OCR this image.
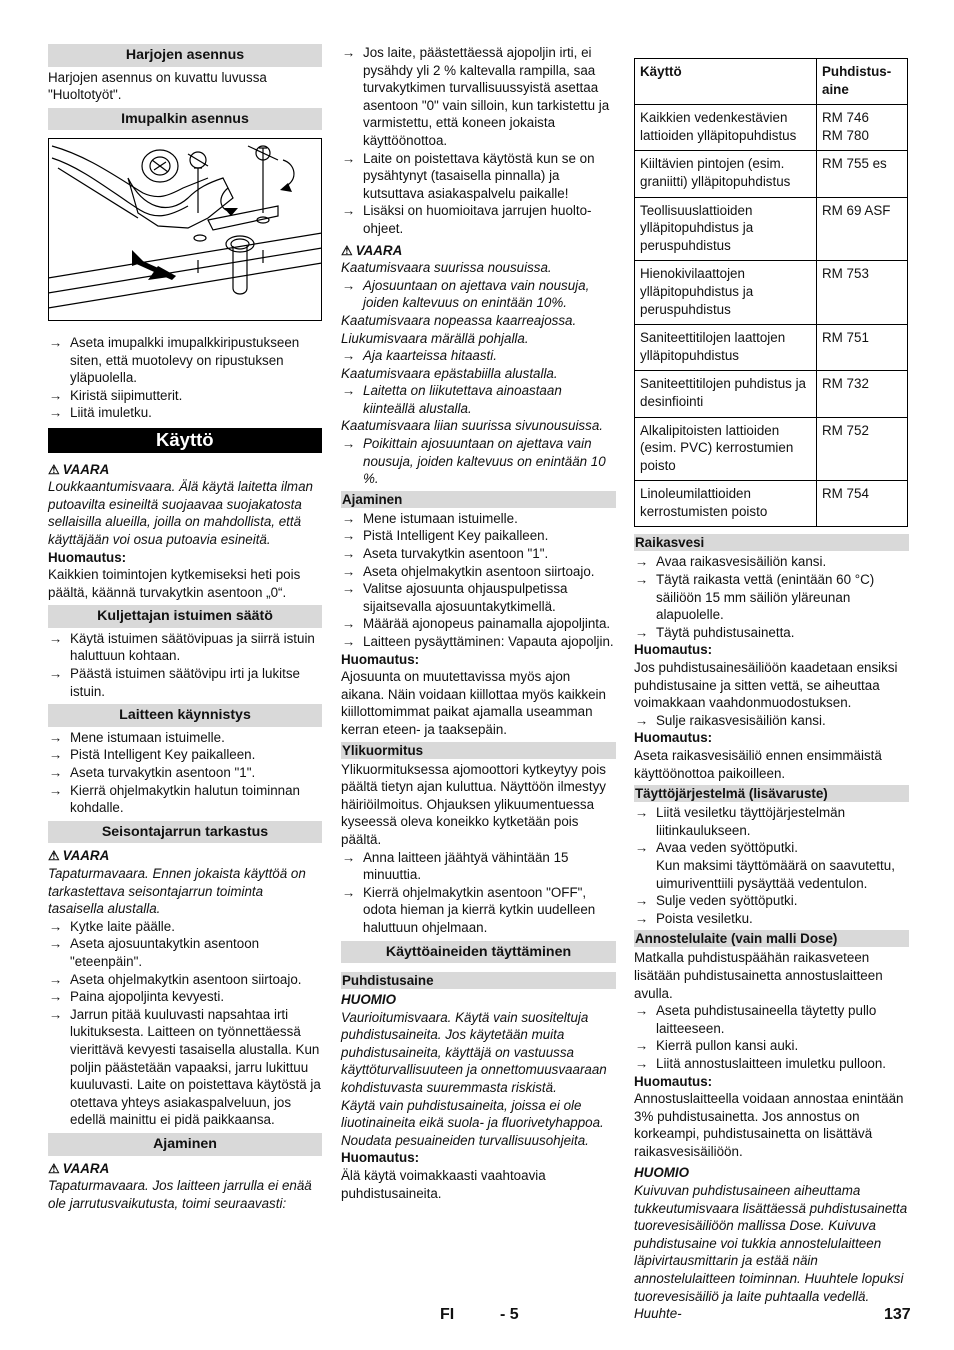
Harjojen asennus

Harjojen asennus on kuvattu luvussa "Huoltotyöt".

Imupalkin asennus
→ Aseta imupalkki imupalkkiripustukseen siten, että muotolevy on ripustuksen yläpuolella.
→ Kiristä siipimutterit.
→ Liitä imuletku.
Käyttö
⚠ VAARA

Loukkaantumisvaara. Älä käytä laitetta ilman putoavilta esineiltä suojaavaa suojakatosta sellaisilla alueilla, joilla on mahdollista, että käyttäjään voi osua putoavia esineitä.

Huomautus:

Kaikkien toimintojen kytkemiseksi heti pois päältä, käännä turvakytkin asentoon „0“.

Kuljettajan istuimen säätö
→ Käytä istuimen säätövipuas ja siirrä istuin haluttuun kohtaan.
→ Päästä istuimen säätövipu irti ja lukitse istuin.
Laitteen käynnistys
→ Mene istumaan istuimelle.
→ Pistä Intelligent Key paikalleen.
→ Aseta turvakytkin asentoon "1".
→ Kierrä ohjelmakytkin halutun toiminnan kohdalle.
Seisontajarrun tarkastus
⚠ VAARA

Tapaturmavaara. Ennen jokaista käyttöä on tarkastettava seisontajarrun toiminta tasaisella alustalla.

→ Kytke laite päälle.
→ Aseta ajosuuntakytkin asentoon "eteenpäin".
→ Aseta ohjelmakytkin asentoon siirtoajo.
→ Paina ajopoljinta kevyesti.
→ Jarrun pitää kuuluvasti napsahtaa irti lukituksesta. Laitteen on työnnettäessä vierittävä kevyesti tasaisella alustalla. Kun poljin päästetään vapaaksi, jarru lukittuu kuuluvasti. Laite on poistettava käytöstä ja otettava yhteys asiakaspalveluun, jos edellä mainittu ei pidä paikkaansa.
Ajaminen
⚠ VAARA

Tapaturmavaara. Jos laitteen jarrulla ei enää ole jarrutusvaikutusta, toimi seuraavasti:

→ Jos laite, päästettäessä ajopoljin irti, ei pysähdy yli 2 % kaltevalla rampilla, saa turvakytkimen turvallisuussyistä asettaa asentoon "0" vain silloin, kun tarkistettu ja varmistettu, että koneen jokaista käyttöönottoa.
→ Laite on poistettava käytöstä kun se on pysähtynyt (tasaisella pinnalla) ja kutsuttava asiakaspalvelu paikalle!
→ Lisäksi on huomioitava jarrujen huolto-ohjeet.
⚠ VAARA

Kaatumisvaara suurissa nousuissa.

→ Ajosuuntaan on ajettava vain nousuja, joiden kaltevuus on enintään 10%.

Kaatumisvaara nopeassa kaarreajossa.

Liukumisvaara märällä pohjalla.

→ Aja kaarteissa hitaasti.

Kaatumisvaara epästabiilla alustalla.

→ Laitetta on liikutettava ainoastaan kiinteällä alustalla.

Kaatumisvaara liian suurissa sivunousuissa.

→ Poikittain ajosuuntaan on ajettava vain nousuja, joiden kaltevuus on enintään 10 %.
Ajaminen
→ Mene istumaan istuimelle.
→ Pistä Intelligent Key paikalleen.
→ Aseta turvakytkin asentoon "1".
→ Aseta ohjelmakytkin asentoon siirtoajo.
→ Valitse ajosuunta ohjauspulpetissa sijaitsevalla ajosuuntakytkimellä.
→ Määrää ajonopeus painamalla ajopoljinta.
→ Laitteen pysäyttäminen: Vapauta ajopoljin.

Huomautus:

Ajosuunta on muutettavissa myös ajon aikana. Näin voidaan kiillottaa myös kaikkein kiillottomimmat paikat ajamalla useamman kerran eteen- ja taaksepäin.

Ylikuormitus

Ylikuormituksessa ajomoottori kytkeytyy pois päältä tietyn ajan kuluttua. Näyttöön ilmestyy häiriöilmoitus. Ohjauksen ylikuumentuessa kyseessä oleva koneikko kytketään pois päältä.

→ Anna laitteen jäähtyä vähintään 15 minuuttia.
→ Kierrä ohjelmakytkin asentoon "OFF", odota hieman ja kierrä kytkin uudelleen haluttuun ohjelmaan.
Käyttöaineiden täyttäminen
Puhdistusaine

HUOMIO

Vaurioitumisvaara. Käytä vain suositeltuja puhdistusaineita. Jos käytetään muita puhdistusaineita, käyttäjä on vastuussa käyttöturvallisuuteen ja onnettomuusvaaraan kohdistuvasta suuremmasta riskistä.

Käytä vain puhdistusaineita, joissa ei ole liuotinaineita eikä suola- ja fluorivetyhappoa.

Noudata pesuaineiden turvallisuusohjeita.

Huomautus:

Älä käytä voimakkaasti vaahtoavia puhdistusaineita.

Käyttö	Puhdistus-aine
Kaikkien vedenkestävien lattioiden ylläpitopuhdistus	RM 746
RM 780
Kiiltävien pintojen (esim. graniitti) ylläpitopuhdistus	RM 755 es
Teollisuuslattioiden ylläpitopuhdistus ja peruspuhdistus	RM 69 ASF
Hienokivilaattojen ylläpitopuhdistus ja peruspuhdistus	RM 753
Saniteettitilojen laattojen ylläpitopuhdistus	RM 751
Saniteettitilojen puhdistus ja desinfiointi	RM 732
Alkalipitoisten lattioiden (esim. PVC) kerrostumien poisto	RM 752
Linoleumilattioiden kerrostumisten poisto	RM 754
Raikasvesi
→ Avaa raikasvesisäiliön kansi.
→ Täytä raikasta vettä (enintään 60 °C) säiliöön 15 mm säiliön yläreunan alapuolelle.
→ Täytä puhdistusainetta.

Huomautus:

Jos puhdistusainesäiliöön kaadetaan ensiksi puhdistusaine ja sitten vettä, se aiheuttaa voimakkaan vaahdonmuodostuksen.

→ Sulje raikasvesisäiliön kansi.

Huomautus:

Aseta raikasvesisäiliö ennen ensimmäistä käyttöönottoa paikoilleen.

Täyttöjärjestelmä (lisävaruste)
→ Liitä vesiletku täyttöjärjestelmän liitinkaulukseen.
→ Avaa veden syöttöputki.
Kun maksimi täyttömäärä on saavutettu, uimuriventtiili pysäyttää vedentulon.
→ Sulje veden syöttöputki.
→ Poista vesiletku.
Annostelulaite (vain malli Dose)

Matkalla puhdistuspäähän raikasveteen lisätään puhdistusainetta annostuslaitteen avulla.

→ Aseta puhdistusaineella täytetty pullo laitteeseen.
→ Kierrä pullon kansi auki.
→ Liitä annostuslaitteen imuletku pulloon.

Huomautus:

Annostuslaitteella voidaan annostaa enintään 3% puhdistusainetta. Jos annostus on korkeampi, puhdistusainetta on lisättävä raikasvesisäiliöön.

HUOMIO

Kuivuvan puhdistusaineen aiheuttama tukkeutumisvaara lisättäessä puhdistusainetta tuorevesisäiliöön mallissa Dose. Kuivuva puhdistusaine voi tukkia annostelulaitteen läpivirtausmittarin ja estää näin annostelulaitteen toiminnan. Huuhtele lopuksi tuorevesisäiliö ja laite puhtaalla vedellä. Huuhte-

FI	- 5	137
